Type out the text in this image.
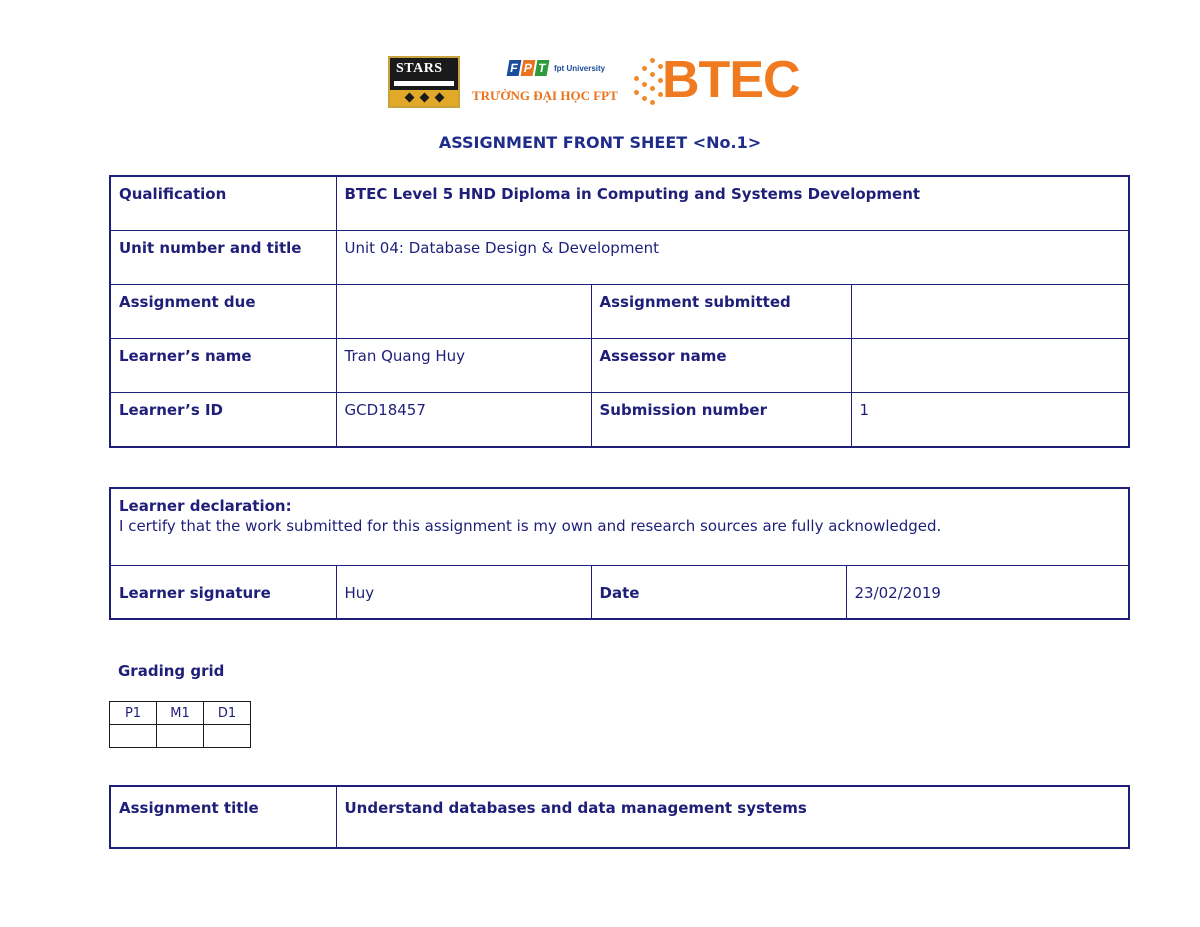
STARS	F P T fpt University
TRƯỜNG ĐẠI HỌC FPT BTEC
ASSIGNMENT FRONT SHEET <No.1>
Qualification	BTEC Level 5 HND Diploma in Computing and Systems Development		
Unit number and title	Unit 04: Database Design & Development		
Assignment due		Assignment submitted	
Learner’s name	Tran Quang Huy	Assessor name	
Learner’s ID	GCD18457	Submission number	1
Learner declaration:
I certify that the work submitted for this assignment is my own and research sources are fully acknowledged.

Learner signature	Huy	Date	23/02/2019
Grading grid
P1	M1	D1

Assignment title	Understand databases and data management systems
